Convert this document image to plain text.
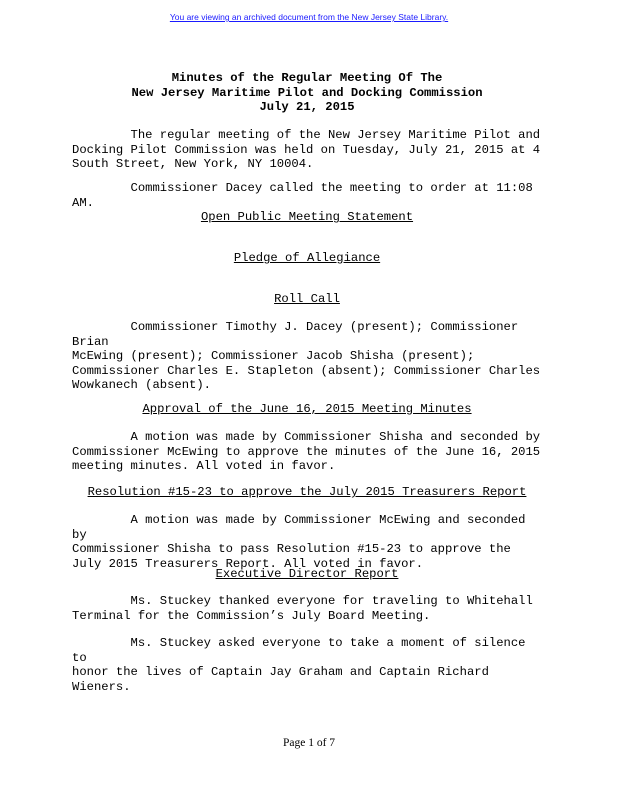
You are viewing an archived document from the New Jersey State Library.
Minutes of the Regular Meeting Of The
New Jersey Maritime Pilot and Docking Commission
July 21, 2015

The regular meeting of the New Jersey Maritime Pilot and
Docking Pilot Commission was held on Tuesday, July 21, 2015 at 4
South Street, New York, NY 10004.

Commissioner Dacey called the meeting to order at 11:08 AM.

Open Public Meeting Statement
Pledge of Allegiance
Roll Call

Commissioner Timothy J. Dacey (present); Commissioner Brian
McEwing (present); Commissioner Jacob Shisha (present);
Commissioner Charles E. Stapleton (absent); Commissioner Charles
Wowkanech (absent).

Approval of the June 16, 2015 Meeting Minutes

A motion was made by Commissioner Shisha and seconded by
Commissioner McEwing to approve the minutes of the June 16, 2015
meeting minutes. All voted in favor.

Resolution #15-23 to approve the July 2015 Treasurers Report

A motion was made by Commissioner McEwing and seconded by
Commissioner Shisha to pass Resolution #15-23 to approve the
July 2015 Treasurers Report. All voted in favor.

Executive Director Report

Ms. Stuckey thanked everyone for traveling to Whitehall
Terminal for the Commission’s July Board Meeting.

Ms. Stuckey asked everyone to take a moment of silence to
honor the lives of Captain Jay Graham and Captain Richard
Wieners.

Page 1 of 7
